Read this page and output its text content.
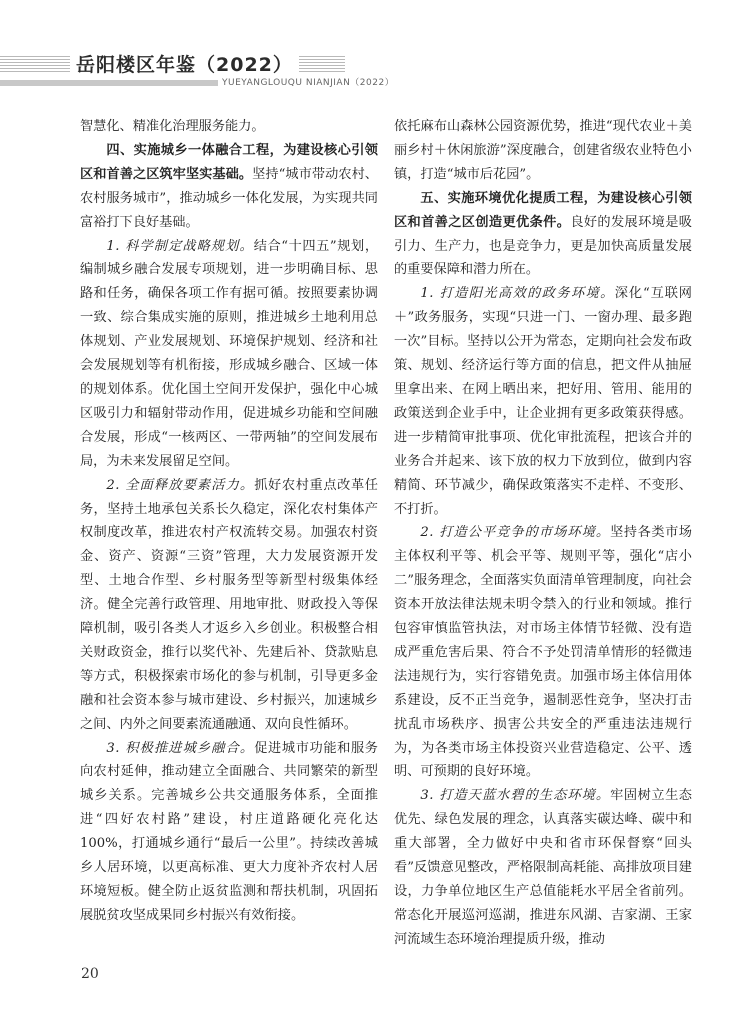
岳阳楼区年鉴（2022）
YUEYANGLOUQU NIANJIAN（2022）

智慧化、精准化治理服务能力。

四、实施城乡一体融合工程，为建设核心引领区和首善之区筑牢坚实基础。坚持“城市带动农村、农村服务城市”，推动城乡一体化发展，为实现共同富裕打下良好基础。

1. 科学制定战略规划。结合“十四五”规划，编制城乡融合发展专项规划，进一步明确目标、思路和任务，确保各项工作有据可循。按照要素协调一致、综合集成实施的原则，推进城乡土地利用总体规划、产业发展规划、环境保护规划、经济和社会发展规划等有机衔接，形成城乡融合、区域一体的规划体系。优化国土空间开发保护，强化中心城区吸引力和辐射带动作用，促进城乡功能和空间融合发展，形成“一核两区、一带两轴”的空间发展布局，为未来发展留足空间。

2. 全面释放要素活力。抓好农村重点改革任务，坚持土地承包关系长久稳定，深化农村集体产权制度改革，推进农村产权流转交易。加强农村资金、资产、资源“三资”管理，大力发展资源开发型、土地合作型、乡村服务型等新型村级集体经济。健全完善行政管理、用地审批、财政投入等保障机制，吸引各类人才返乡入乡创业。积极整合相关财政资金，推行以奖代补、先建后补、贷款贴息等方式，积极探索市场化的参与机制，引导更多金融和社会资本参与城市建设、乡村振兴，加速城乡之间、内外之间要素流通融通、双向良性循环。

3. 积极推进城乡融合。促进城市功能和服务向农村延伸，推动建立全面融合、共同繁荣的新型城乡关系。完善城乡公共交通服务体系，全面推进“四好农村路”建设，村庄道路硬化亮化达 100%，打通城乡通行“最后一公里”。持续改善城乡人居环境，以更高标准、更大力度补齐农村人居环境短板。健全防止返贫监测和帮扶机制，巩固拓展脱贫攻坚成果同乡村振兴有效衔接。

依托麻布山森林公园资源优势，推进“现代农业＋美丽乡村＋休闲旅游”深度融合，创建省级农业特色小镇，打造“城市后花园”。

五、实施环境优化提质工程，为建设核心引领区和首善之区创造更优条件。良好的发展环境是吸引力、生产力，也是竞争力，更是加快高质量发展的重要保障和潜力所在。

1. 打造阳光高效的政务环境。深化“互联网＋”政务服务，实现“只进一门、一窗办理、最多跑一次”目标。坚持以公开为常态，定期向社会发布政策、规划、经济运行等方面的信息，把文件从抽屉里拿出来、在网上晒出来，把好用、管用、能用的政策送到企业手中，让企业拥有更多政策获得感。进一步精简审批事项、优化审批流程，把该合并的业务合并起来、该下放的权力下放到位，做到内容精简、环节减少，确保政策落实不走样、不变形、不打折。

2. 打造公平竞争的市场环境。坚持各类市场主体权利平等、机会平等、规则平等，强化“店小二”服务理念，全面落实负面清单管理制度，向社会资本开放法律法规未明令禁入的行业和领域。推行包容审慎监管执法，对市场主体情节轻微、没有造成严重危害后果、符合不予处罚清单情形的轻微违法违规行为，实行容错免责。加强市场主体信用体系建设，反不正当竞争，遏制恶性竞争，坚决打击扰乱市场秩序、损害公共安全的严重违法违规行为，为各类市场主体投资兴业营造稳定、公平、透明、可预期的良好环境。

3. 打造天蓝水碧的生态环境。牢固树立生态优先、绿色发展的理念，认真落实碳达峰、碳中和重大部署，全力做好中央和省市环保督察“回头看”反馈意见整改，严格限制高耗能、高排放项目建设，力争单位地区生产总值能耗水平居全省前列。常态化开展巡河巡湖，推进东风湖、吉家湖、王家河流域生态环境治理提质升级，推动

20
